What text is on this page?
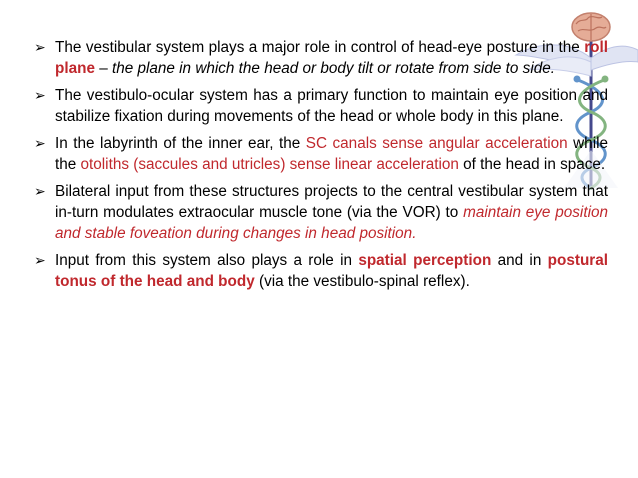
➢ The vestibular system plays a major role in control of head-eye posture in the roll plane – the plane in which the head or body tilt or rotate from side to side.
➢ The vestibulo-ocular system has a primary function to maintain eye position and stabilize fixation during movements of the head or whole body in this plane.
➢ In the labyrinth of the inner ear, the SC canals sense angular acceleration while the otoliths (saccules and utricles) sense linear acceleration of the head in space.
➢ Bilateral input from these structures projects to the central vestibular system that in-turn modulates extraocular muscle tone (via the VOR) to maintain eye position and stable foveation during changes in head position.
➢ Input from this system also plays a role in spatial perception and in postural tonus of the head and body (via the vestibulo-spinal reflex).
